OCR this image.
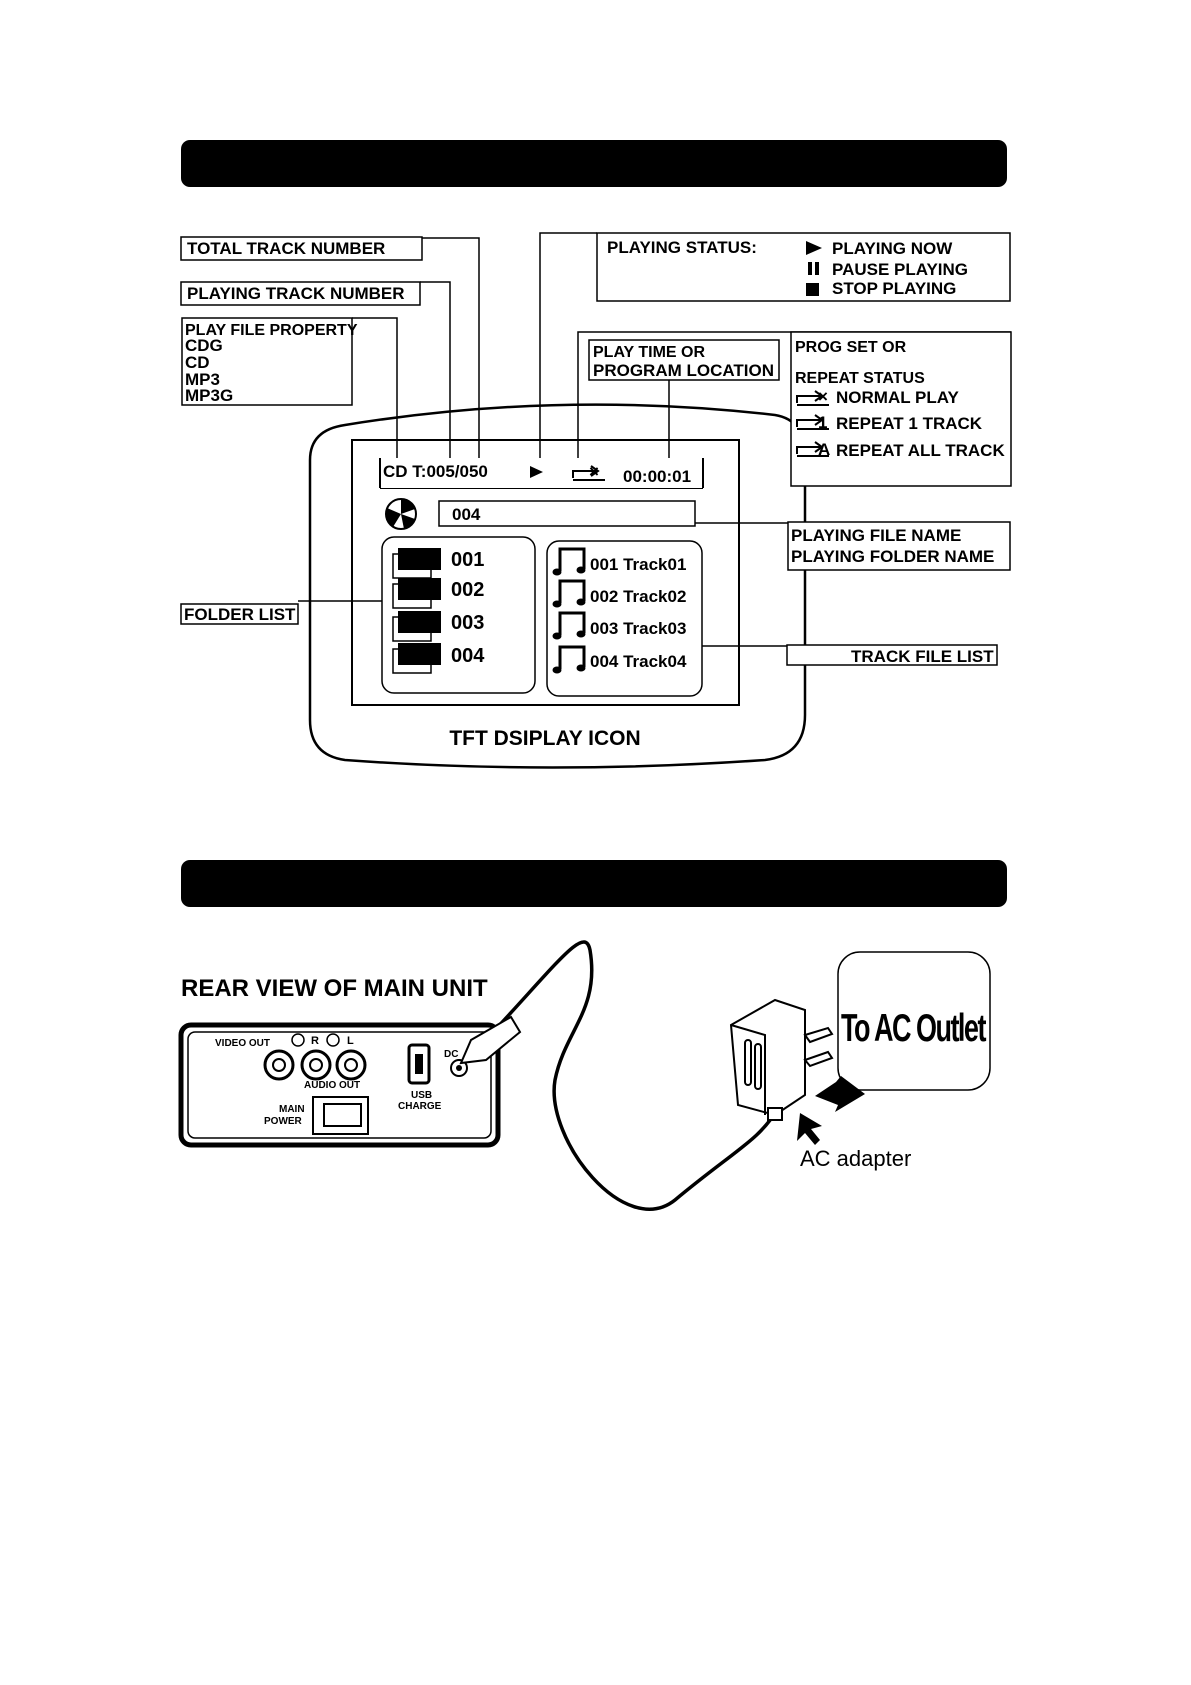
TOTAL TRACK NUMBER
PLAYING TRACK NUMBER
PLAY FILE PROPERTY
CDG
CD
MP3
MP3G
PLAYING STATUS:	PLAYING NOW
PAUSE PLAYING
STOP PLAYING
PLAY TIME OR
PROGRAM LOCATION
PROG SET OR
REPEAT STATUS
× NORMAL PLAY
1 REPEAT 1 TRACK
A REPEAT ALL TRACK
PLAYING FILE NAME
PLAYING FOLDER NAME
FOLDER LIST
TRACK FILE LIST
CD T:005/050	× 00:00:01
004
001
002
003
004
001 Track01
002 Track02
003 Track03
004 Track04
TFT DSIPLAY ICON
REAR VIEW OF MAIN UNIT
VIDEO OUT	R	L
AUDIO OUT
USB
CHARGE
DC
MAIN
POWER
AC adapter
To AC Outlet
